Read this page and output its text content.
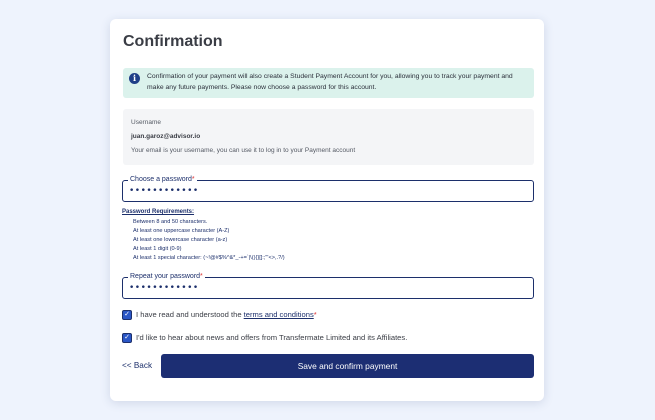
Confirmation
i	Confirmation of your payment will also create a Student Payment Account for you, allowing you to track your payment and make any future payments. Please now choose a password for this account.
Username
juan.garoz@advisor.io
Your email is your username, you can use it to log in to your Payment account
Choose a password*
••••••••••••
Password Requirements:
Between 8 and 50 characters.
At least one uppercase character (A-Z)
At least one lowercase character (a-z)
At least 1 digit (0-9)
At least 1 special character: (~!@#$%^&*_-+=`|\(){}[]:;"'<>,.?/)
Repeat your password*
••••••••••••
✓ I have read and understood the terms and conditions*
✓ I'd like to hear about news and offers from Transfermate Limited and its Affiliates.
<< Back	Save and confirm payment
